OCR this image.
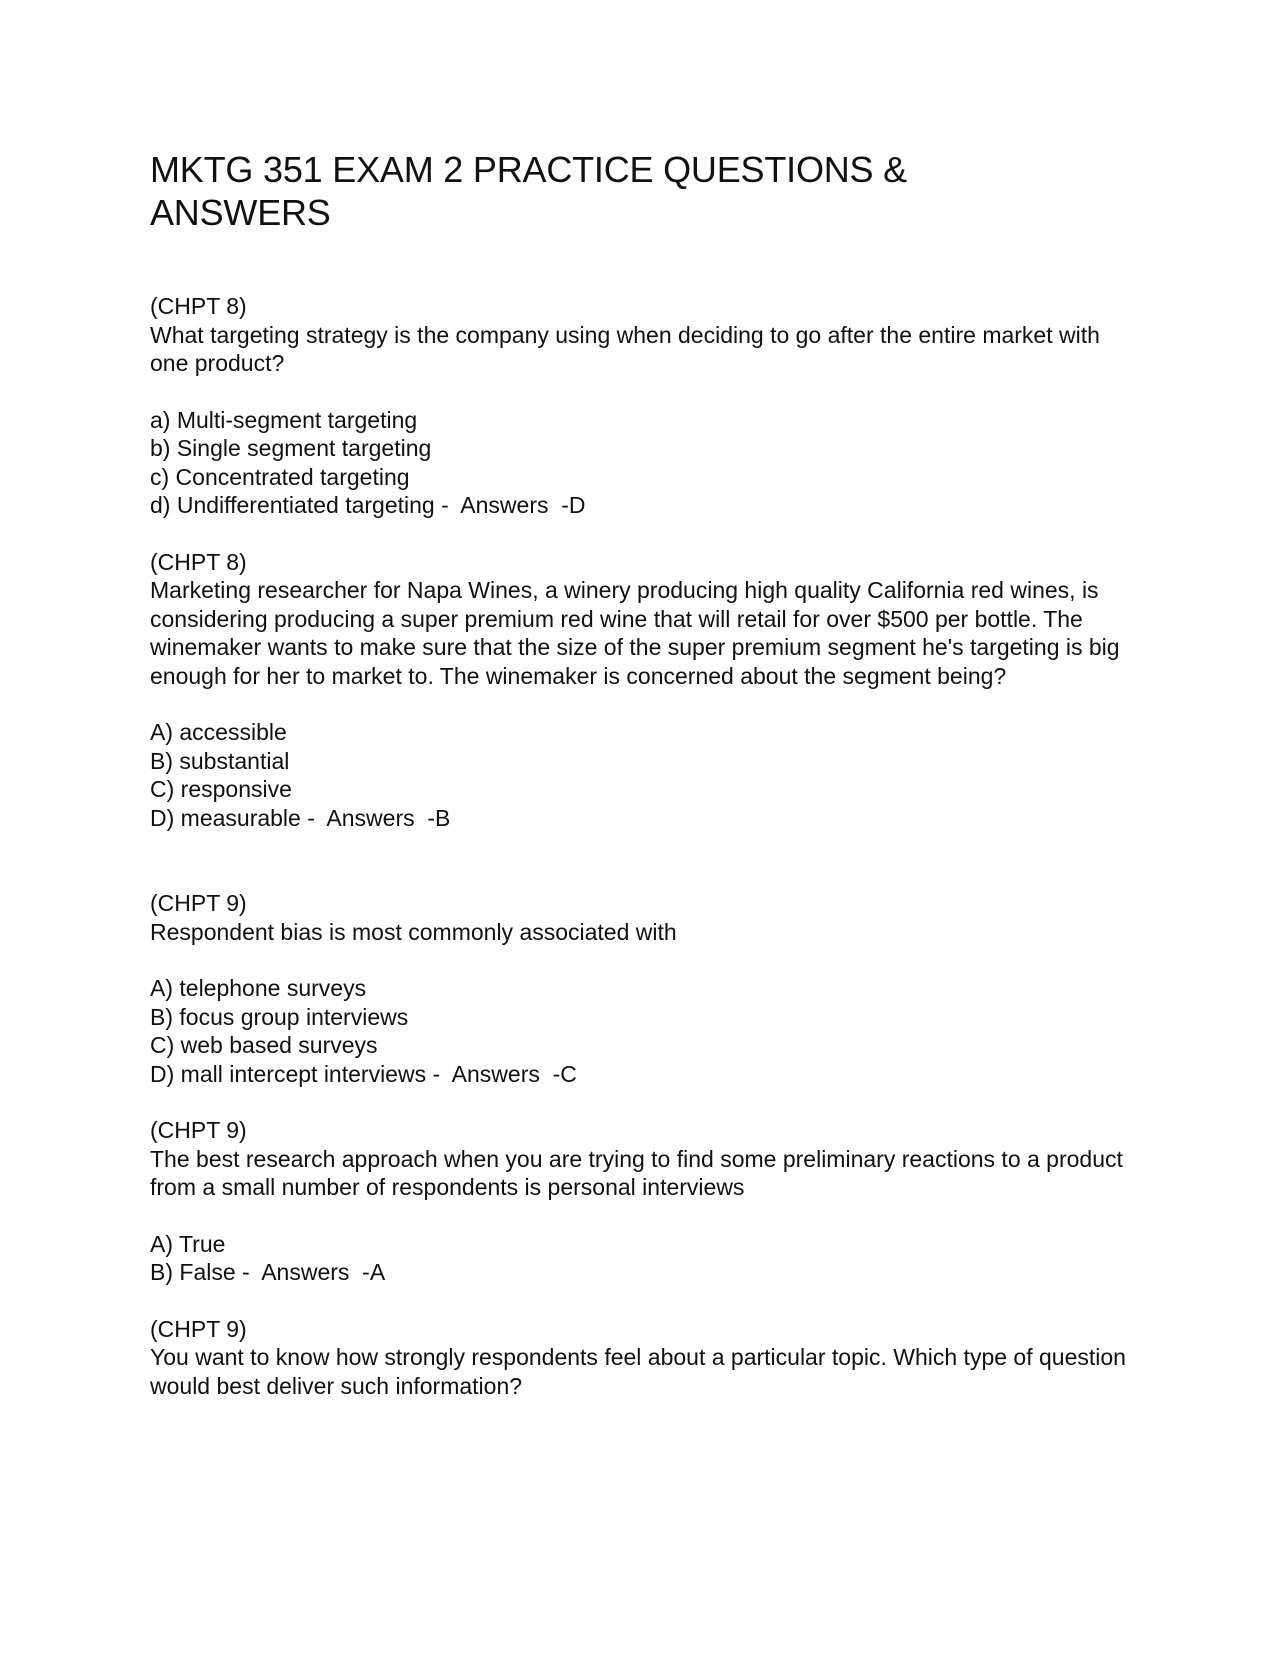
MKTG 351 EXAM 2 PRACTICE QUESTIONS & ANSWERS
(CHPT 8)
What targeting strategy is the company using when deciding to go after the entire market with one product?
a) Multi-segment targeting
b) Single segment targeting
c) Concentrated targeting
d) Undifferentiated targeting -  Answers  -D
(CHPT 8)
Marketing researcher for Napa Wines, a winery producing high quality California red wines, is considering producing a super premium red wine that will retail for over $500 per bottle. The winemaker wants to make sure that the size of the super premium segment he's targeting is big enough for her to market to. The winemaker is concerned about the segment being?
A) accessible
B) substantial
C) responsive
D) measurable -  Answers  -B
(CHPT 9)
Respondent bias is most commonly associated with
A) telephone surveys
B) focus group interviews
C) web based surveys
D) mall intercept interviews -  Answers  -C
(CHPT 9)
The best research approach when you are trying to find some preliminary reactions to a product from a small number of respondents is personal interviews
A) True
B) False -  Answers  -A
(CHPT 9)
You want to know how strongly respondents feel about a particular topic. Which type of question would best deliver such information?
